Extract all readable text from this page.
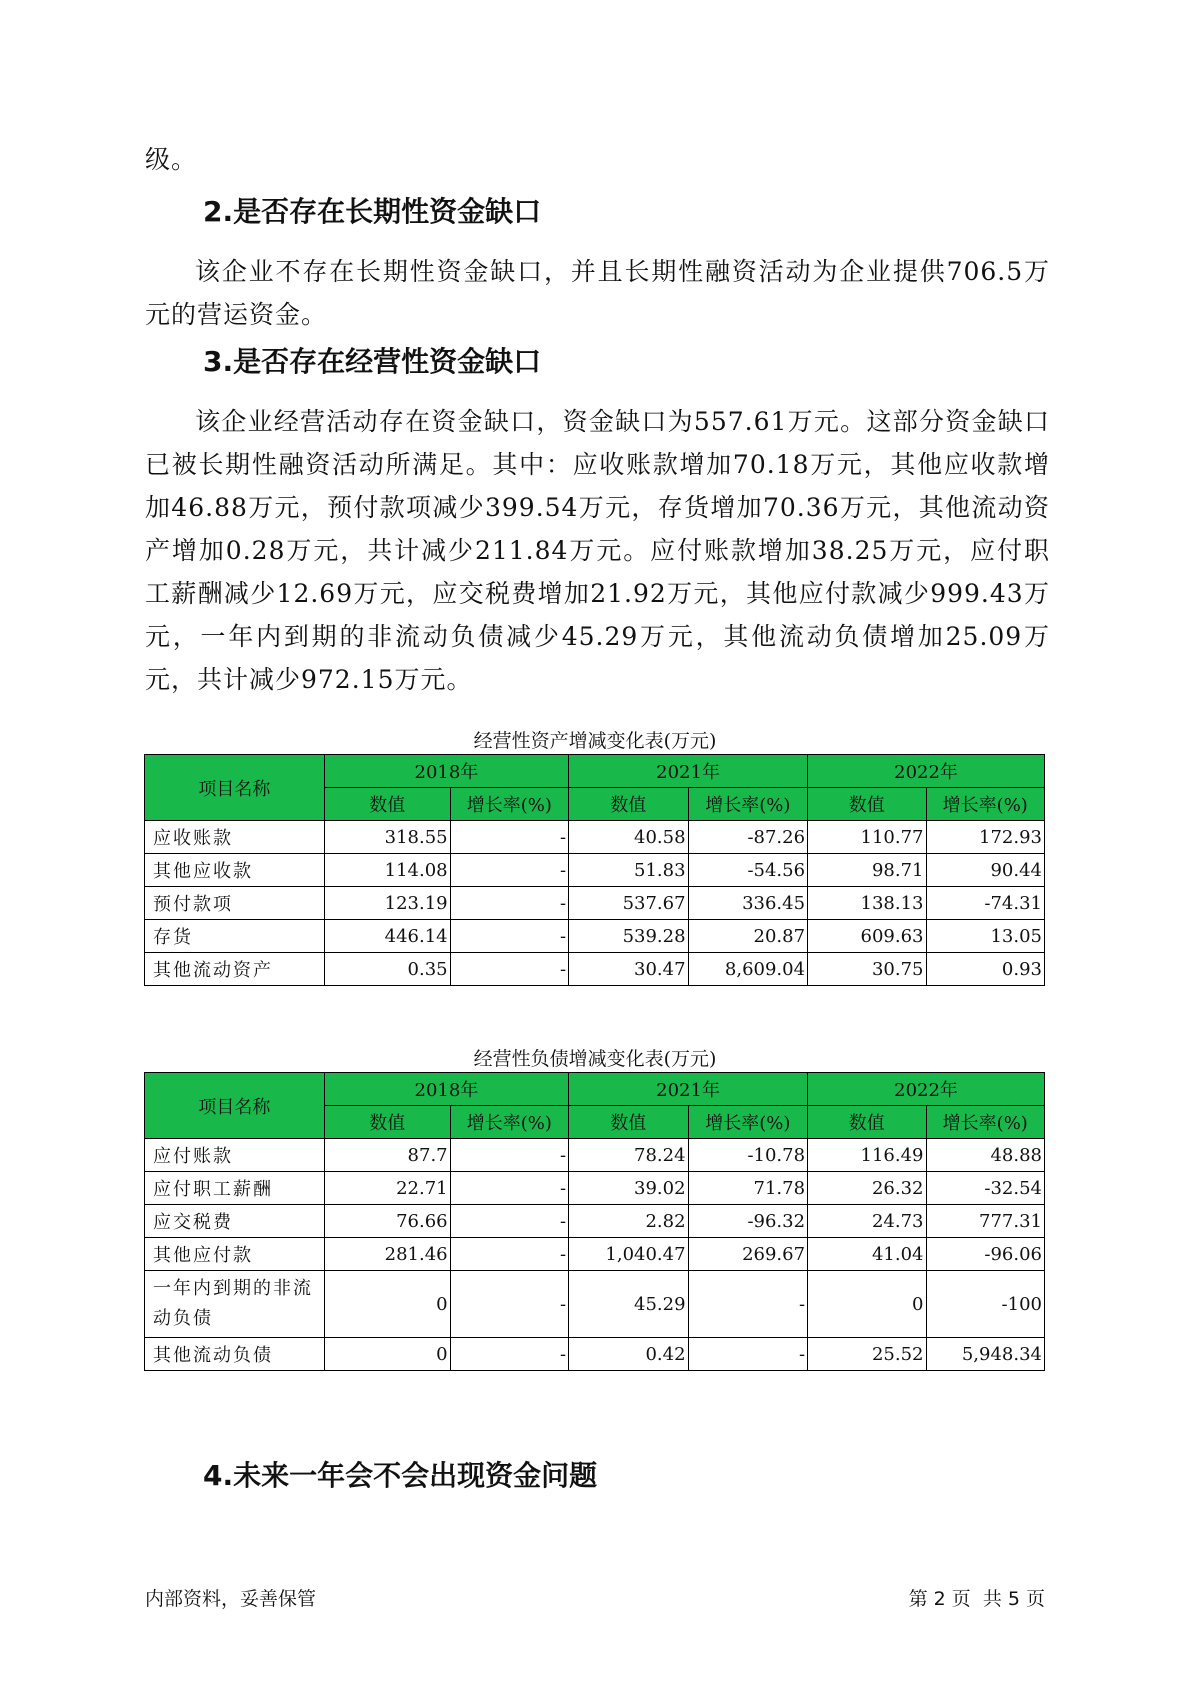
级。

2.是否存在长期性资金缺口

该企业不存在长期性资金缺口，并且长期性融资活动为企业提供706.5万元的营运资金。

3.是否存在经营性资金缺口

该企业经营活动存在资金缺口，资金缺口为557.61万元。这部分资金缺口已被长期性融资活动所满足。其中：应收账款增加70.18万元，其他应收款增加46.88万元，预付款项减少399.54万元，存货增加70.36万元，其他流动资产增加0.28万元，共计减少211.84万元。应付账款增加38.25万元，应付职工薪酬减少12.69万元，应交税费增加21.92万元，其他应付款减少999.43万元，一年内到期的非流动负债减少45.29万元，其他流动负债增加25.09万元，共计减少972.15万元。

经营性资产增减变化表(万元)

项目名称	2018年		2021年		2022年	
	数值	增长率(%)	数值	增长率(%)	数值	增长率(%)
应收账款	318.55	-	40.58	-87.26	110.77	172.93
其他应收款	114.08	-	51.83	-54.56	98.71	90.44
预付款项	123.19	-	537.67	336.45	138.13	-74.31
存货	446.14	-	539.28	20.87	609.63	13.05
其他流动资产	0.35	-	30.47	8,609.04	30.75	0.93

经营性负债增减变化表(万元)

项目名称	2018年		2021年		2022年	
	数值	增长率(%)	数值	增长率(%)	数值	增长率(%)
应付账款	87.7	-	78.24	-10.78	116.49	48.88
应付职工薪酬	22.71	-	39.02	71.78	26.32	-32.54
应交税费	76.66	-	2.82	-96.32	24.73	777.31
其他应付款	281.46	-	1,040.47	269.67	41.04	-96.06
一年内到期的非流动负债	0	-	45.29	-	0	-100
其他流动负债	0	-	0.42	-	25.52	5,948.34
4.未来一年会不会出现资金问题

内部资料，妥善保管	第 2 页  共 5 页
